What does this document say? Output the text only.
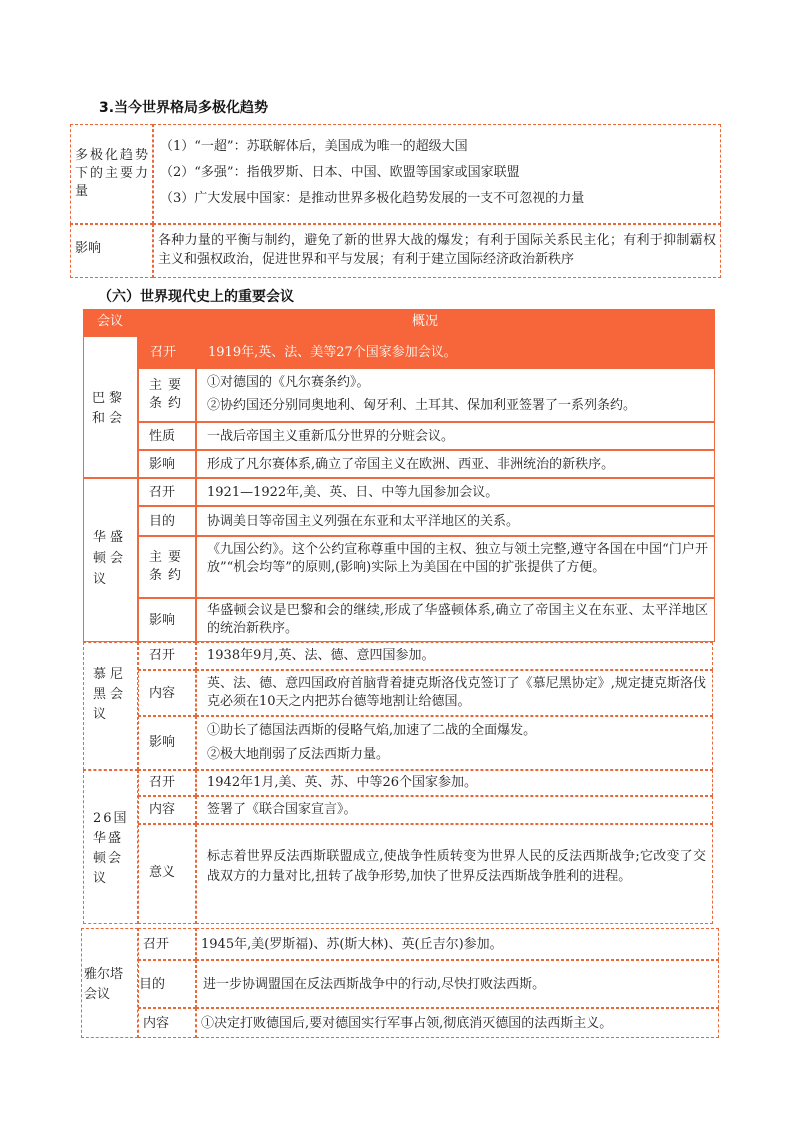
3.当今世界格局多极化趋势
多极化趋势下的主要力量
（1）“一超”：苏联解体后，美国成为唯一的超级大国
（2）“多强”：指俄罗斯、日本、中国、欧盟等国家或国家联盟
（3）广大发展中国家：是推动世界多极化趋势发展的一支不可忽视的力量
影响
各种力量的平衡与制约，避免了新的世界大战的爆发；有利于国际关系民主化；有利于抑制霸权主义和强权政治，促进世界和平与发展；有利于建立国际经济政治新秩序
（六）世界现代史上的重要会议
会议	概况
巴黎和会
召开 1919年,英、法、美等27个国家参加会议。
主要条约
①对德国的《凡尔赛条约》。
②协约国还分别同奥地利、匈牙利、土耳其、保加利亚签署了一系列条约。
性质 一战后帝国主义重新瓜分世界的分赃会议。
影响 形成了凡尔赛体系,确立了帝国主义在欧洲、西亚、非洲统治的新秩序。
华盛顿会议
召开 1921—1922年,美、英、日、中等九国参加会议。
目的 协调美日等帝国主义列强在东亚和太平洋地区的关系。
主要条约
《九国公约》。这个公约宣称尊重中国的主权、独立与领土完整,遵守各国在中国“门户开放”“机会均等”的原则,(影响)实际上为美国在中国的扩张提供了方便。
影响
华盛顿会议是巴黎和会的继续,形成了华盛顿体系,确立了帝国主义在东亚、太平洋地区的统治新秩序。
慕尼黑会议
召开 1938年9月,英、法、德、意四国参加。
内容
英、法、德、意四国政府首脑背着捷克斯洛伐克签订了《慕尼黑协定》,规定捷克斯洛伐克必须在10天之内把苏台德等地割让给德国。
影响
①助长了德国法西斯的侵略气焰,加速了二战的全面爆发。
②极大地削弱了反法西斯力量。
26国华盛顿会议
召开 1942年1月,美、英、苏、中等26个国家参加。
内容 签署了《联合国家宣言》。
意义
标志着世界反法西斯联盟成立,使战争性质转变为世界人民的反法西斯战争;它改变了交战双方的力量对比,扭转了战争形势,加快了世界反法西斯战争胜利的进程。
雅尔塔会议
召开 1945年,美(罗斯福)、苏(斯大林)、英(丘吉尔)参加。
目的	进一步协调盟国在反法西斯战争中的行动,尽快打败法西斯。
内容 ①决定打败德国后,要对德国实行军事占领,彻底消灭德国的法西斯主义。
